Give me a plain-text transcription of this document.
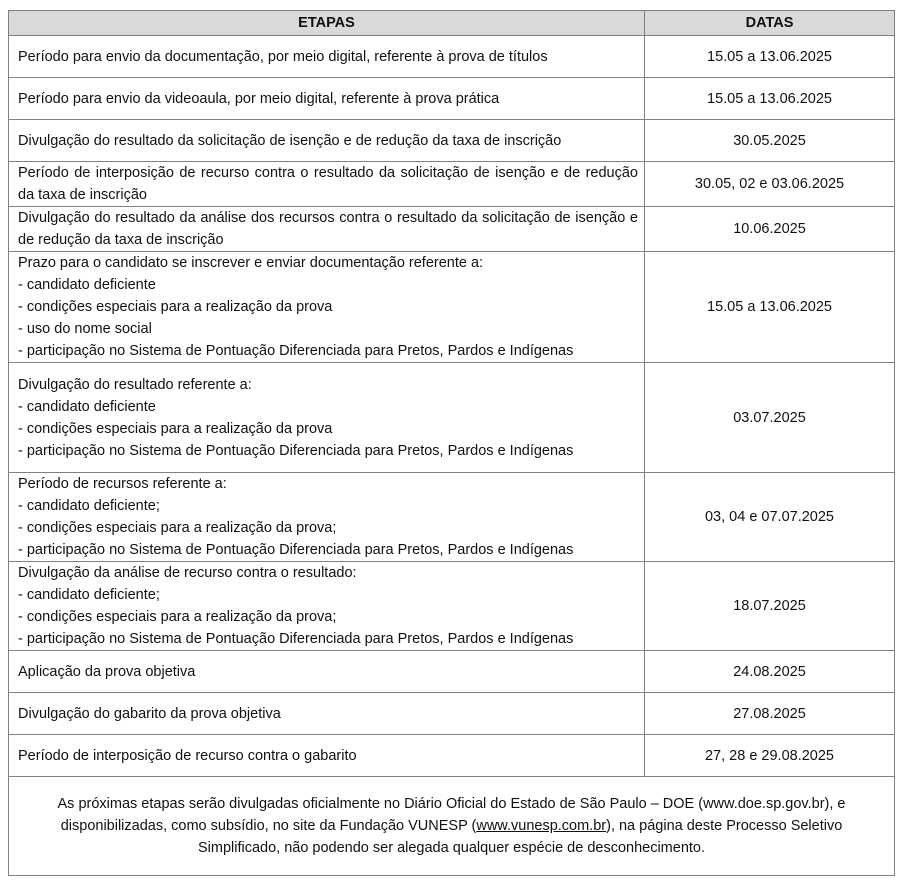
ETAPAS	DATAS
Período para envio da documentação, por meio digital, referente à prova de títulos	15.05 a 13.06.2025
Período para envio da videoaula, por meio digital, referente à prova prática	15.05 a 13.06.2025
Divulgação do resultado da solicitação de isenção e de redução da taxa de inscrição	30.05.2025
Período de interposição de recurso contra o resultado da solicitação de isenção e de redução da taxa de inscrição	30.05, 02 e 03.06.2025
Divulgação do resultado da análise dos recursos contra o resultado da solicitação de isenção e de redução da taxa de inscrição	10.06.2025
Prazo para o candidato se inscrever e enviar documentação referente a:
- candidato deficiente
- condições especiais para a realização da prova
- uso do nome social
- participação no Sistema de Pontuação Diferenciada para Pretos, Pardos e Indígenas	15.05 a 13.06.2025
Divulgação do resultado referente a:
- candidato deficiente
- condições especiais para a realização da prova
- participação no Sistema de Pontuação Diferenciada para Pretos, Pardos e Indígenas	03.07.2025
Período de recursos referente a:
- candidato deficiente;
- condições especiais para a realização da prova;
- participação no Sistema de Pontuação Diferenciada para Pretos, Pardos e Indígenas	03, 04 e 07.07.2025
Divulgação da análise de recurso contra o resultado:
- candidato deficiente;
- condições especiais para a realização da prova;
- participação no Sistema de Pontuação Diferenciada para Pretos, Pardos e Indígenas	18.07.2025
Aplicação da prova objetiva	24.08.2025
Divulgação do gabarito da prova objetiva	27.08.2025
Período de interposição de recurso contra o gabarito	27, 28 e 29.08.2025
As próximas etapas serão divulgadas oficialmente no Diário Oficial do Estado de São Paulo – DOE (www.doe.sp.gov.br), e disponibilizadas, como subsídio, no site da Fundação VUNESP (www.vunesp.com.br), na página deste Processo Seletivo Simplificado, não podendo ser alegada qualquer espécie de desconhecimento.	
